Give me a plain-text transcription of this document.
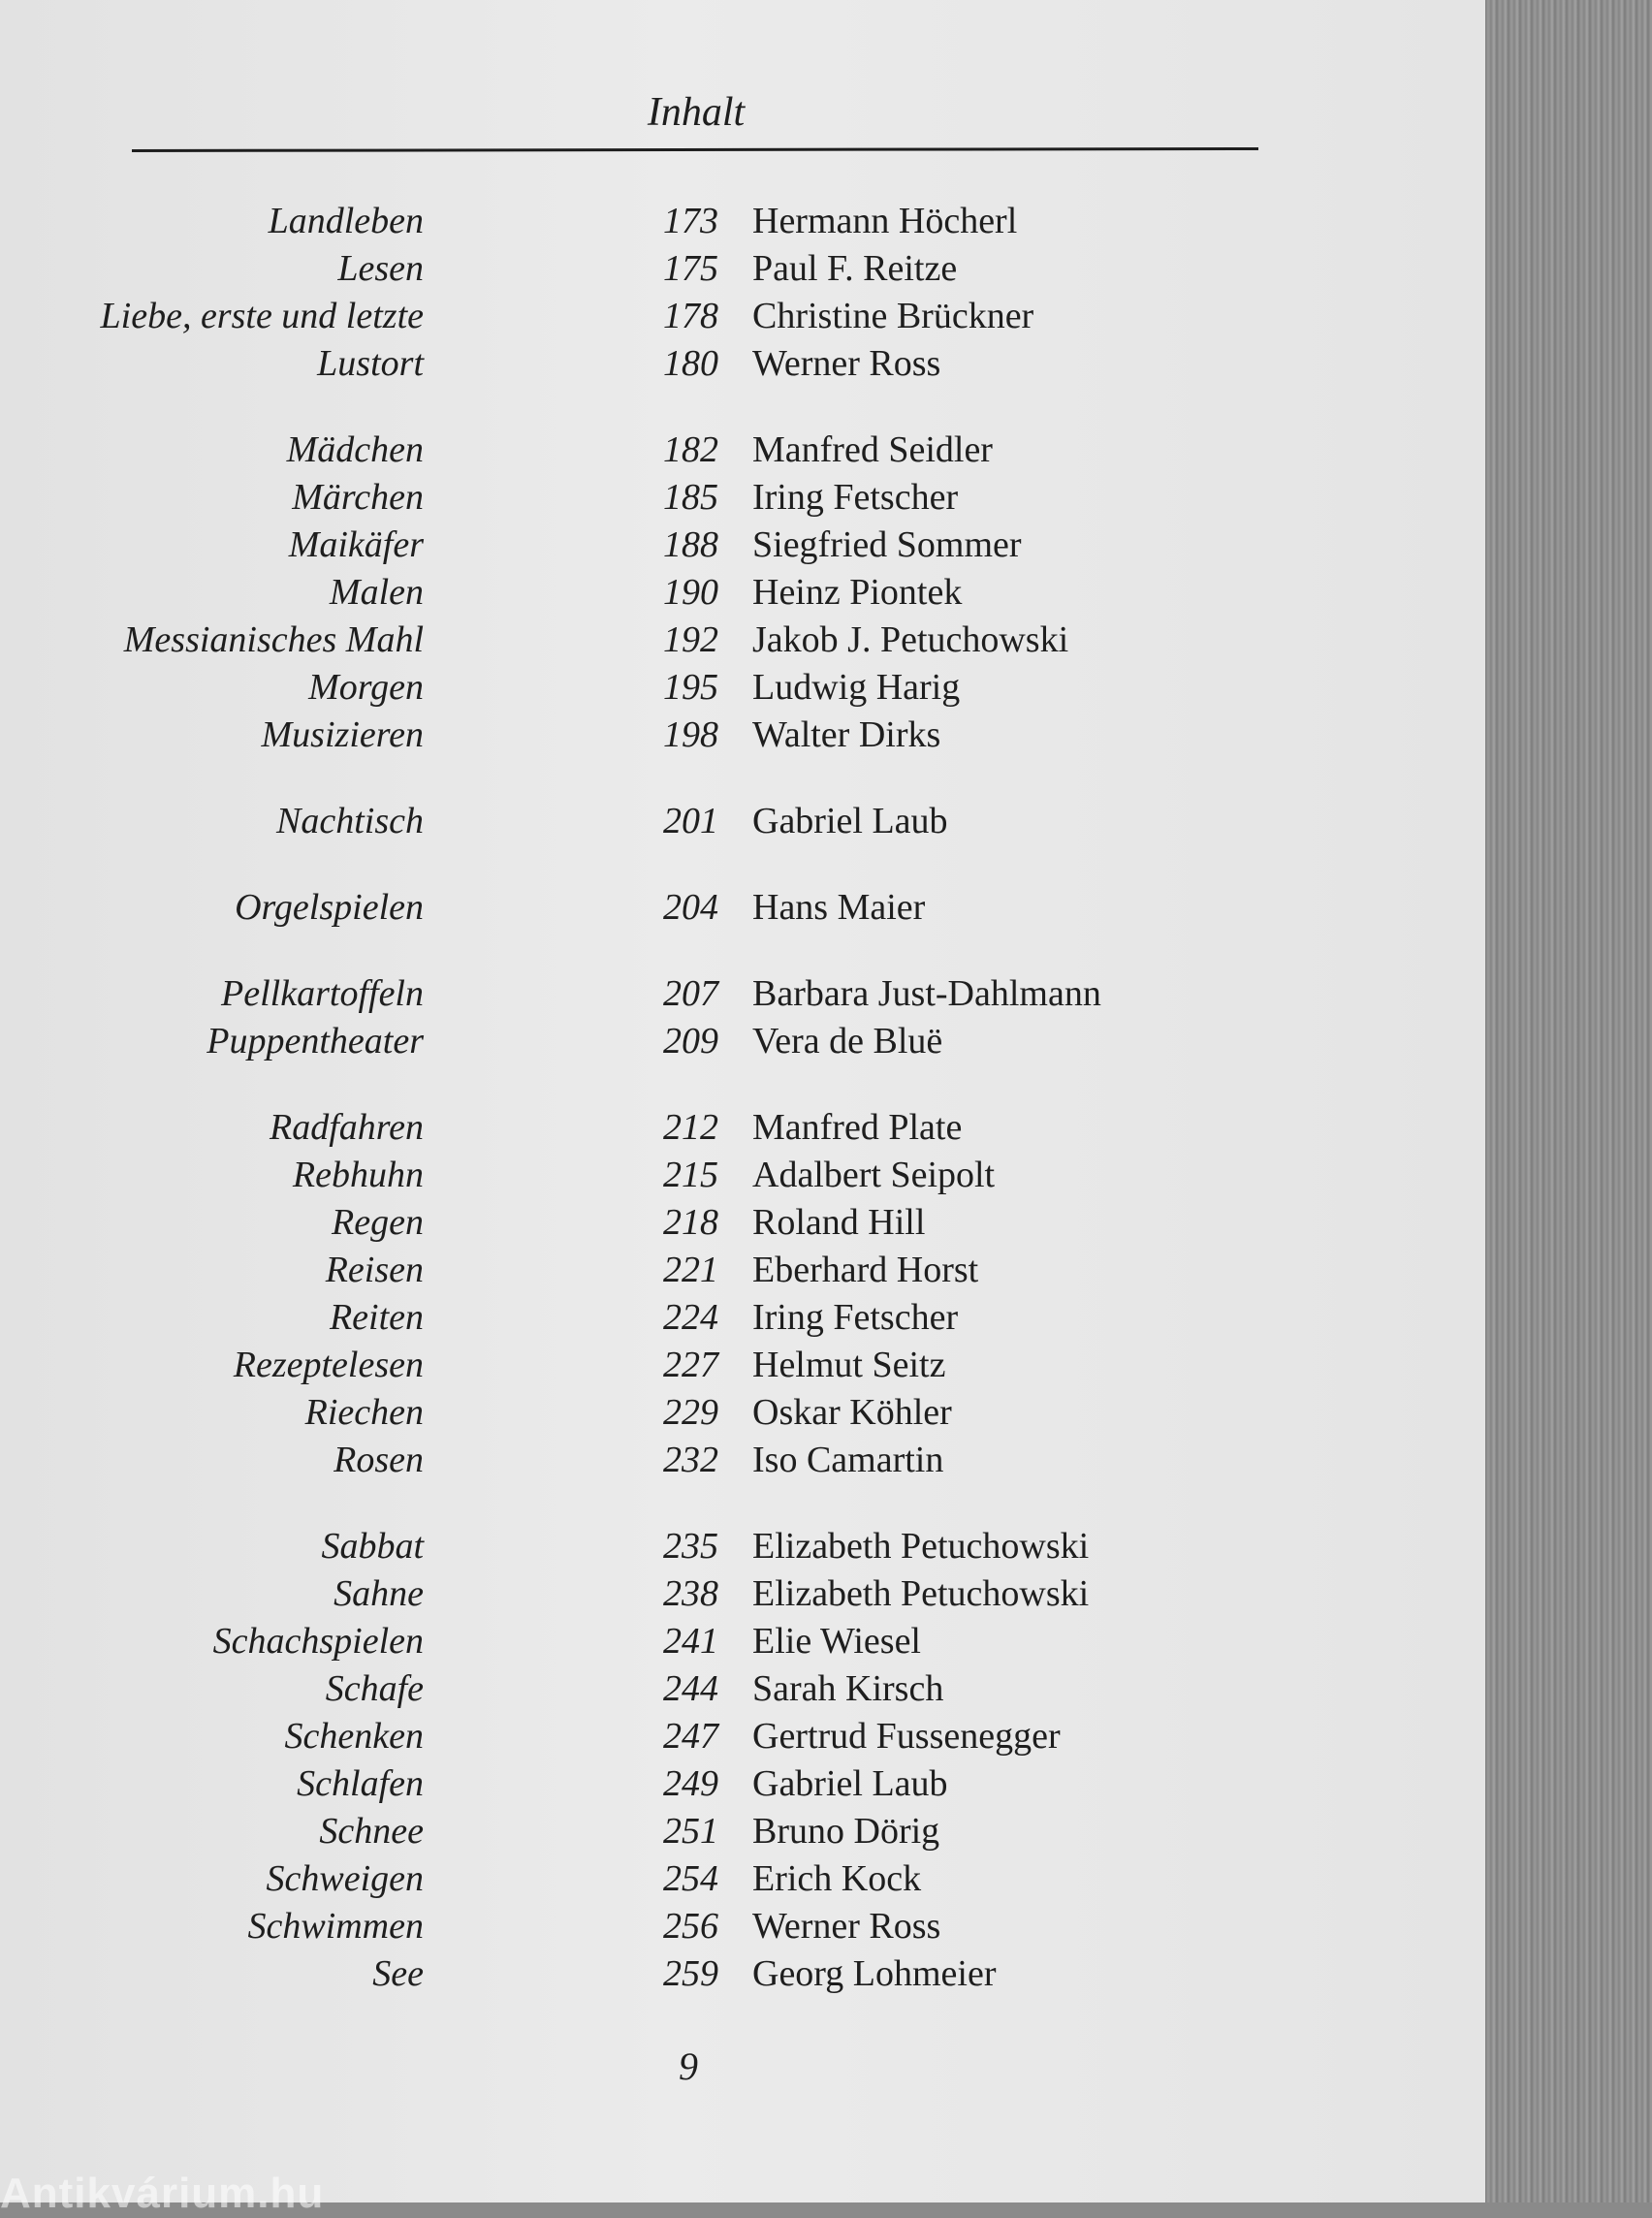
Inhalt
Landleben	173 Hermann Höcherl
Lesen	175 Paul F. Reitze
Liebe, erste und letzte	178 Christine Brückner
Lustort	180 Werner Ross
Mädchen	182 Manfred Seidler
Märchen	185 Iring Fetscher
Maikäfer	188 Siegfried Sommer
Malen	190 Heinz Piontek
Messianisches Mahl	192 Jakob J. Petuchowski
Morgen	195 Ludwig Harig
Musizieren	198 Walter Dirks
Nachtisch	201 Gabriel Laub
Orgelspielen	204 Hans Maier
Pellkartoffeln	207 Barbara Just-Dahlmann
Puppentheater	209 Vera de Bluë
Radfahren	212 Manfred Plate
Rebhuhn	215 Adalbert Seipolt
Regen	218 Roland Hill
Reisen	221 Eberhard Horst
Reiten	224 Iring Fetscher
Rezeptelesen	227 Helmut Seitz
Riechen	229 Oskar Köhler
Rosen	232 Iso Camartin
Sabbat	235 Elizabeth Petuchowski
Sahne	238 Elizabeth Petuchowski
Schachspielen	241 Elie Wiesel
Schafe	244 Sarah Kirsch
Schenken	247 Gertrud Fussenegger
Schlafen	249 Gabriel Laub
Schnee	251 Bruno Dörig
Schweigen	254 Erich Kock
Schwimmen	256 Werner Ross
See	259 Georg Lohmeier
9
Antikvárium.hu
